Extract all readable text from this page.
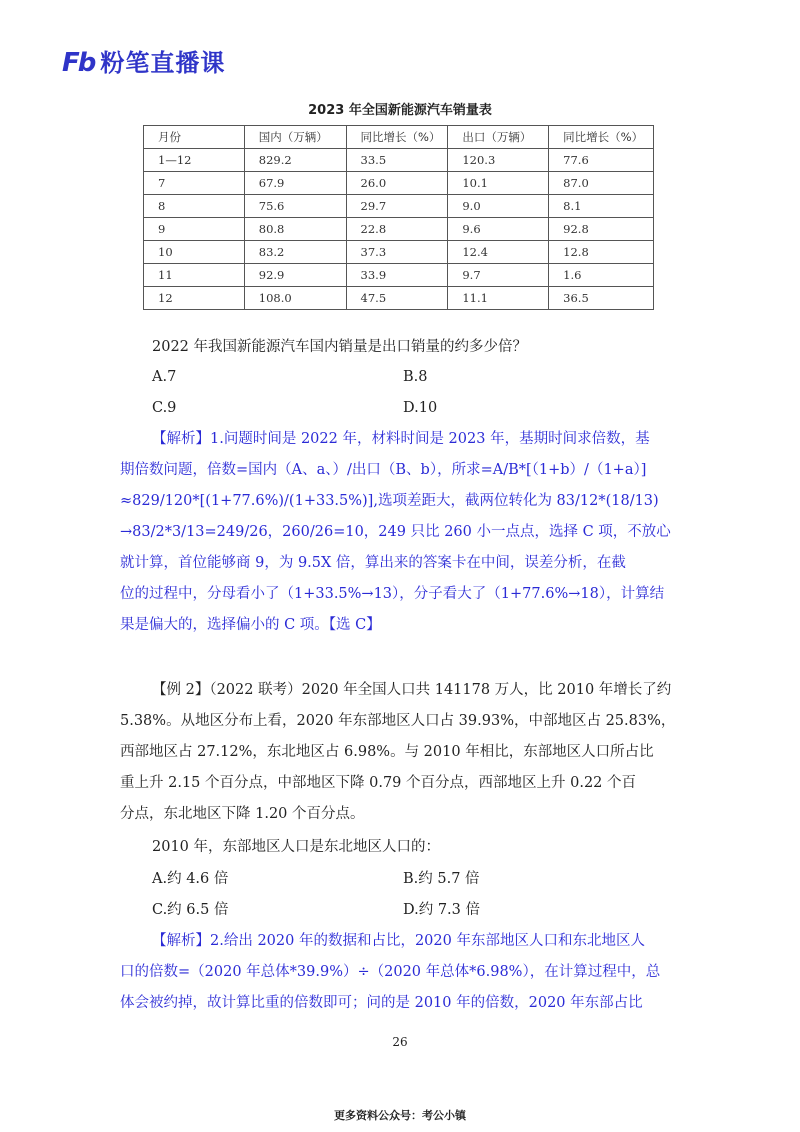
Fb 粉笔直播课
2023 年全国新能源汽车销量表
月份	国内（万辆）	同比增长（%）	出口（万辆）	同比增长（%）
1—12	829.2	33.5	120.3	77.6
7	67.9	26.0	10.1	87.0
8	75.6	29.7	9.0	8.1
9	80.8	22.8	9.6	92.8
10	83.2	37.3	12.4	12.8
11	92.9	33.9	9.7	1.6
12	108.0	47.5	11.1	36.5
2022 年我国新能源汽车国内销量是出口销量的约多少倍？
A.7	B.8
C.9	D.10
【解析】1.问题时间是 2022 年，材料时间是 2023 年，基期时间求倍数，基
期倍数问题，倍数=国内（A、a、）/出口（B、b），所求=A/B*[（1+b）/（1+a）]
≈829/120*[(1+77.6%)/(1+33.5%)],选项差距大，截两位转化为 83/12*(18/13)
→83/2*3/13=249/26，260/26=10，249 只比 260 小一点点，选择 C 项，不放心
就计算，首位能够商 9，为 9.5X 倍，算出来的答案卡在中间，误差分析，在截
位的过程中，分母看小了（1+33.5%→13），分子看大了（1+77.6%→18），计算结
果是偏大的，选择偏小的 C 项。【选 C】
【例 2】（2022 联考）2020 年全国人口共 141178 万人，比 2010 年增长了约
5.38%。从地区分布上看，2020 年东部地区人口占 39.93%，中部地区占 25.83%，
西部地区占 27.12%，东北地区占 6.98%。与 2010 年相比，东部地区人口所占比
重上升 2.15 个百分点，中部地区下降 0.79 个百分点，西部地区上升 0.22 个百
分点，东北地区下降 1.20 个百分点。
2010 年，东部地区人口是东北地区人口的：
A.约 4.6 倍	B.约 5.7 倍
C.约 6.5 倍	D.约 7.3 倍
【解析】2.给出 2020 年的数据和占比，2020 年东部地区人口和东北地区人
口的倍数=（2020 年总体*39.9%）÷（2020 年总体*6.98%），在计算过程中，总
体会被约掉，故计算比重的倍数即可；问的是 2010 年的倍数，2020 年东部占比
26
更多资料公众号：考公小镇
